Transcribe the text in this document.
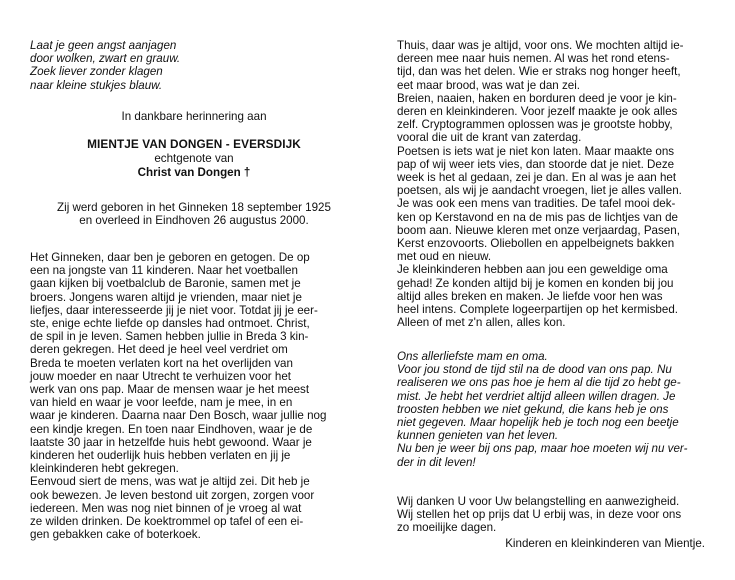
Laat je geen angst aanjagen

door wolken, zwart en grauw.

Zoek liever zonder klagen

naar kleine stukjes blauw.

In dankbare herinnering aan
MIENTJE VAN DONGEN - EVERSDIJK
echtgenote van
Christ van Dongen †
Zij werd geboren in het Ginneken 18 september 1925
en overleed in Eindhoven 26 augustus 2000.

Het Ginneken, daar ben je geboren en getogen. De op

een na jongste van 11 kinderen. Naar het voetballen

gaan kijken bij voetbalclub de Baronie, samen met je

broers. Jongens waren altijd je vrienden, maar niet je

liefjes, daar interesseerde jij je niet voor. Totdat jij je eer-

ste, enige echte liefde op dansles had ontmoet. Christ,

de spil in je leven. Samen hebben jullie in Breda 3 kin-

deren gekregen. Het deed je heel veel verdriet om

Breda te moeten verlaten kort na het overlijden van

jouw moeder en naar Utrecht te verhuizen voor het

werk van ons pap. Maar de mensen waar je het meest

van hield en waar je voor leefde, nam je mee, in en

waar je kinderen. Daarna naar Den Bosch, waar jullie nog

een kindje kregen. En toen naar Eindhoven, waar je de

laatste 30 jaar in hetzelfde huis hebt gewoond. Waar je

kinderen het ouderlijk huis hebben verlaten en jij je

kleinkinderen hebt gekregen.

Eenvoud siert de mens, was wat je altijd zei. Dit heb je

ook bewezen. Je leven bestond uit zorgen, zorgen voor

iedereen. Men was nog niet binnen of je vroeg al wat

ze wilden drinken. De koektrommel op tafel of een ei-

gen gebakken cake of boterkoek.

Thuis, daar was je altijd, voor ons. We mochten altijd ie-

dereen mee naar huis nemen. Al was het rond etens-

tijd, dan was het delen. Wie er straks nog honger heeft,

eet maar brood, was wat je dan zei.

Breien, naaien, haken en borduren deed je voor je kin-

deren en kleinkinderen. Voor jezelf maakte je ook alles

zelf. Cryptogrammen oplossen was je grootste hobby,

vooral die uit de krant van zaterdag.

Poetsen is iets wat je niet kon laten. Maar maakte ons

pap of wij weer iets vies, dan stoorde dat je niet. Deze

week is het al gedaan, zei je dan. En al was je aan het

poetsen, als wij je aandacht vroegen, liet je alles vallen.

Je was ook een mens van tradities. De tafel mooi dek-

ken op Kerstavond en na de mis pas de lichtjes van de

boom aan. Nieuwe kleren met onze verjaardag, Pasen,

Kerst enzovoorts. Oliebollen en appelbeignets bakken

met oud en nieuw.

Je kleinkinderen hebben aan jou een geweldige oma

gehad! Ze konden altijd bij je komen en konden bij jou

altijd alles breken en maken. Je liefde voor hen was

heel intens. Complete logeerpartijen op het kermisbed.

Alleen of met z'n allen, alles kon.

Ons allerliefste mam en oma.

Voor jou stond de tijd stil na de dood van ons pap. Nu

realiseren we ons pas hoe je hem al die tijd zo hebt ge-

mist. Je hebt het verdriet altijd alleen willen dragen. Je

troosten hebben we niet gekund, die kans heb je ons

niet gegeven. Maar hopelijk heb je toch nog een beetje

kunnen genieten van het leven.

Nu ben je weer bij ons pap, maar hoe moeten wij nu ver-

der in dit leven!

Wij danken U voor Uw belangstelling en aanwezigheid.

Wij stellen het op prijs dat U erbij was, in deze voor ons

zo moeilijke dagen.

Kinderen en kleinkinderen van Mientje.
